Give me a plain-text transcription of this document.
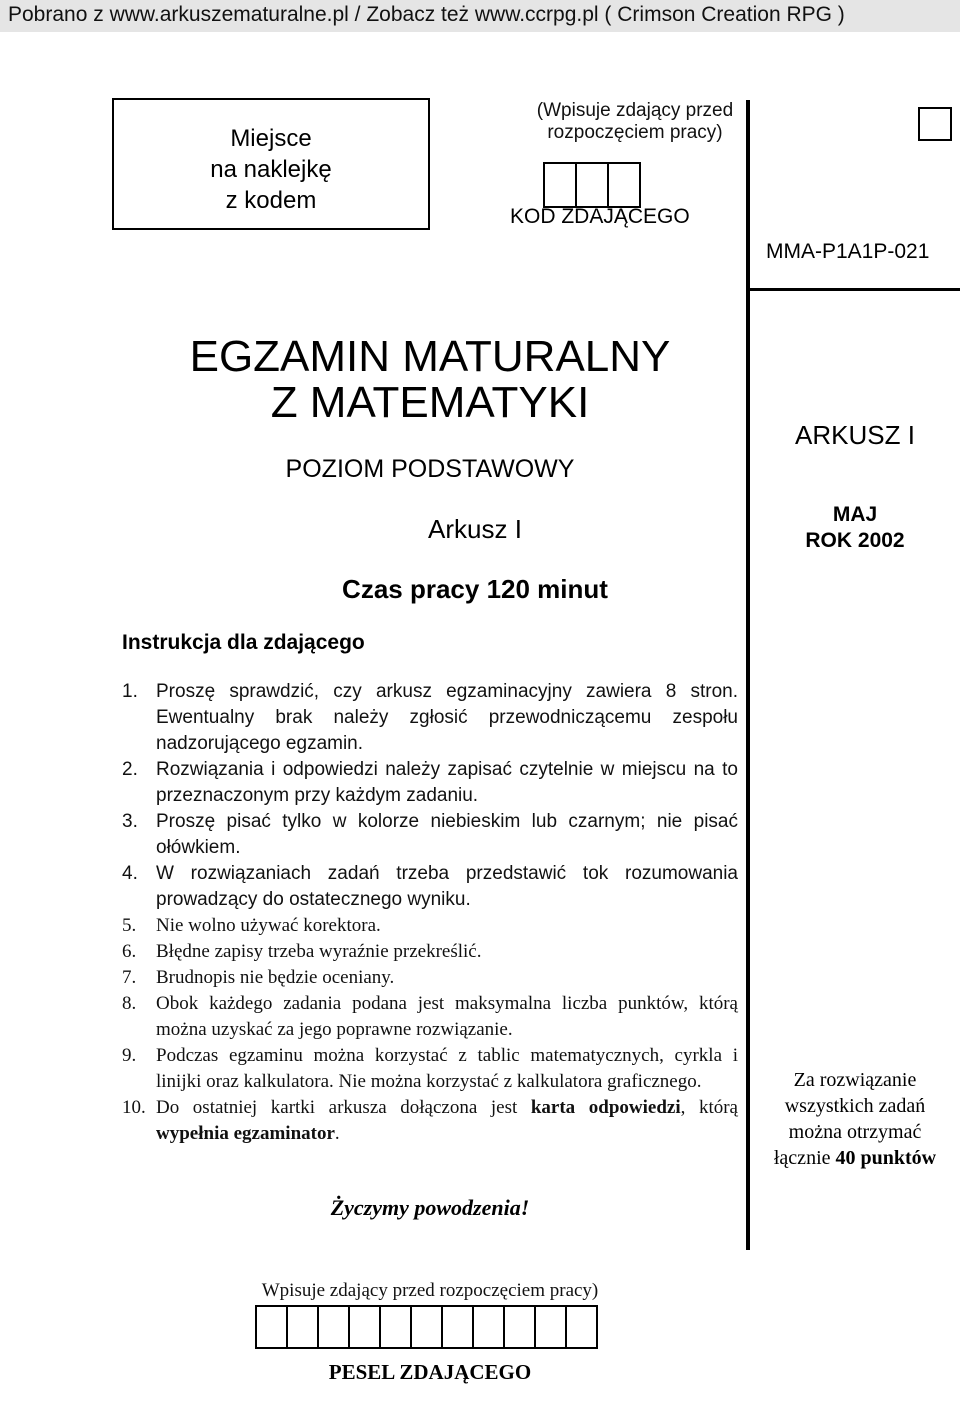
Pobrano z www.arkuszematuralne.pl / Zobacz też www.ccrpg.pl ( Crimson Creation RPG )
Miejsce
na naklejkę
z kodem
(Wpisuje zdający przed
rozpoczęciem pracy)
KOD ZDAJĄCEGO
MMA-P1A1P-021
EGZAMIN MATURALNY
Z MATEMATYKI
POZIOM PODSTAWOWY
Arkusz I
Czas pracy 120 minut
ARKUSZ I
MAJ
ROK 2002
Instrukcja dla zdającego
1. Proszę sprawdzić, czy arkusz egzaminacyjny zawiera 8 stron. Ewentualny brak należy zgłosić przewodniczącemu zespołu nadzorującego egzamin.
2. Rozwiązania i odpowiedzi należy zapisać czytelnie w miejscu na to przeznaczonym przy każdym zadaniu.
3. Proszę pisać tylko w kolorze niebieskim lub czarnym; nie pisać ołówkiem.
4. W rozwiązaniach zadań trzeba przedstawić tok rozumowania prowadzący do ostatecznego wyniku.
5.	Nie wolno używać korektora.
6.	Błędne zapisy trzeba wyraźnie przekreślić.
7.	Brudnopis nie będzie oceniany.
8.	Obok każdego zadania podana jest maksymalna liczba punktów, którą można uzyskać za jego poprawne rozwiązanie.
9.	Podczas egzaminu można korzystać z tablic matematycznych, cyrkla i linijki oraz kalkulatora. Nie można korzystać z kalkulatora graficznego.
10. Do ostatniej kartki arkusza dołączona jest karta odpowiedzi, którą wypełnia egzaminator.
Za rozwiązanie
wszystkich zadań
można otrzymać
łącznie 40 punktów
Życzymy powodzenia!
Wpisuje zdający przed rozpoczęciem pracy)
PESEL ZDAJĄCEGO
